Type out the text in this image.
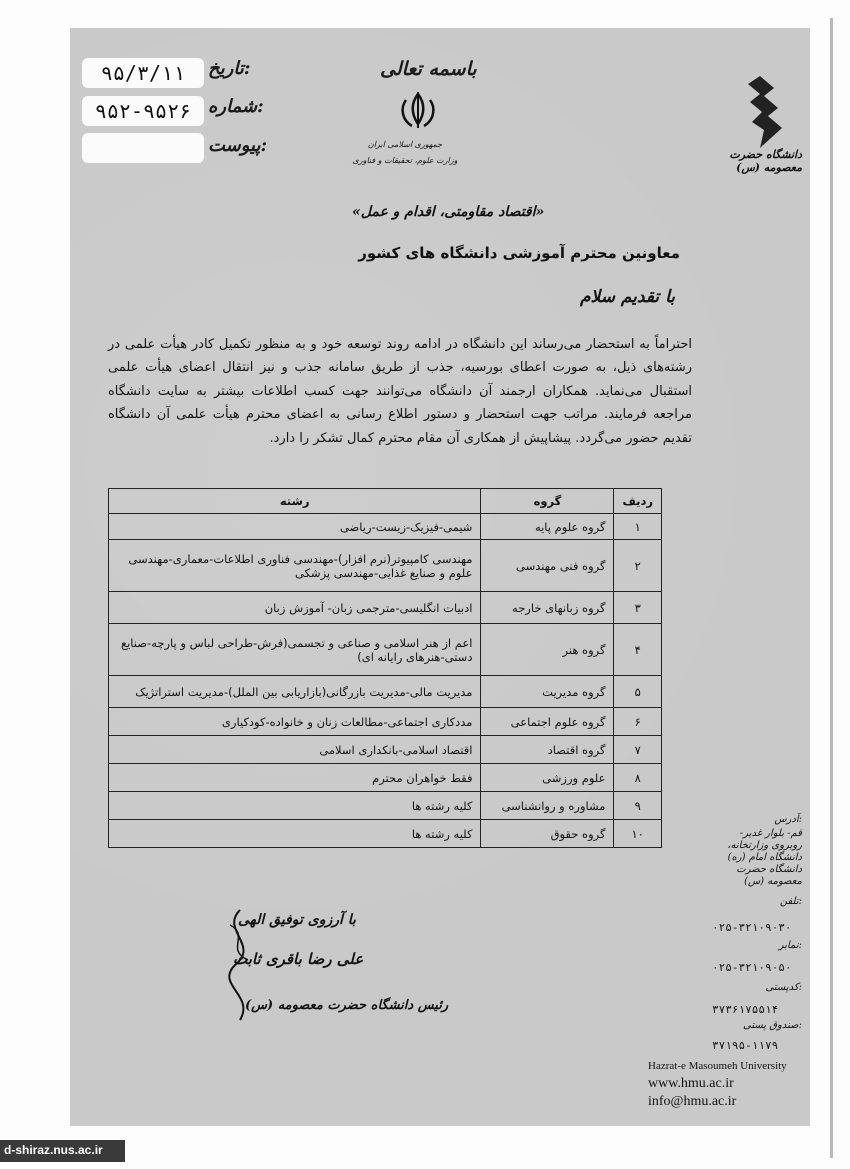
تاریخ:
۹۵/۳/۱۱
شماره:
۹۵۲-۹۵۲۶
پیوست:
باسمه تعالی
جمهوری اسلامی ایران
وزارت علوم، تحقیقات و فناوری	دانشگاه حضرت معصومه (س)
«اقتصاد مقاومتی، اقدام و عمل»
معاونین محترم آموزشی دانشگاه های کشور
با تقدیم سلام
احتراماً به استحضار می‌رساند این دانشگاه در ادامه روند توسعه خود و به منظور تکمیل کادر هیأت علمی در رشته‌های ذیل، به صورت اعطای بورسیه، جذب از طریق سامانه جذب و نیز انتقال اعضای هیأت علمی استقبال می‌نماید. همکاران ارجمند آن دانشگاه می‌توانند جهت کسب اطلاعات بیشتر به سایت دانشگاه مراجعه فرمایند. مراتب جهت استحضار و دستور اطلاع رسانی به اعضای محترم هیأت علمی آن دانشگاه تقدیم حضور می‌گردد. پیشاپیش از همکاری آن مقام محترم کمال تشکر را دارد.
ردیف	گروه	رشته
۱	گروه علوم پایه	شیمی-فیزیک-زیست-ریاضی
۲	گروه فنی مهندسی	مهندسی کامپیوتر(نرم افزار)-مهندسی فناوری اطلاعات-معماری-مهندسی علوم و صنایع غذایی-مهندسی پزشکی
۳	گروه زبانهای خارجه	ادبیات انگلیسی-مترجمی زبان- آموزش زبان
۴	گروه هنر	اعم از هنر اسلامی و صناعی و تجسمی(فرش-طراحی لباس و پارچه-صنایع دستی-هنرهای رایانه ای)
۵	گروه مدیریت	مدیریت مالی-مدیریت بازرگانی(بازاریابی بین الملل)-مدیریت استراتژیک
۶	گروه علوم اجتماعی	مددکاری اجتماعی-مطالعات زنان و خانواده-کودکیاری
۷	گروه اقتصاد	اقتصاد اسلامی-بانکداری اسلامی
۸	علوم ورزشی	فقط خواهران محترم
۹	مشاوره و روانشناسی	کلیه رشته ها
۱۰	گروه حقوق	کلیه رشته ها
با آرزوی توفیق الهی
علی رضا باقری ثابت
رئیس دانشگاه حضرت معصومه (س)
آدرس:
قم- بلوار غدیر- روبروی وزارتخانه، دانشگاه امام (ره) دانشگاه حضرت معصومه (س)
تلفن:
۰۲۵-۳۲۱۰۹۰۳۰
نمابر:
۰۲۵-۳۲۱۰۹۰۵۰
کدپستی:
۳۷۳۶۱۷۵۵۱۴
صندوق پستی:
۳۷۱۹۵-۱۱۷۹
Hazrat-e Masoumeh University
www.hmu.ac.ir
info@hmu.ac.ir
d-shiraz.nus.ac.ir
